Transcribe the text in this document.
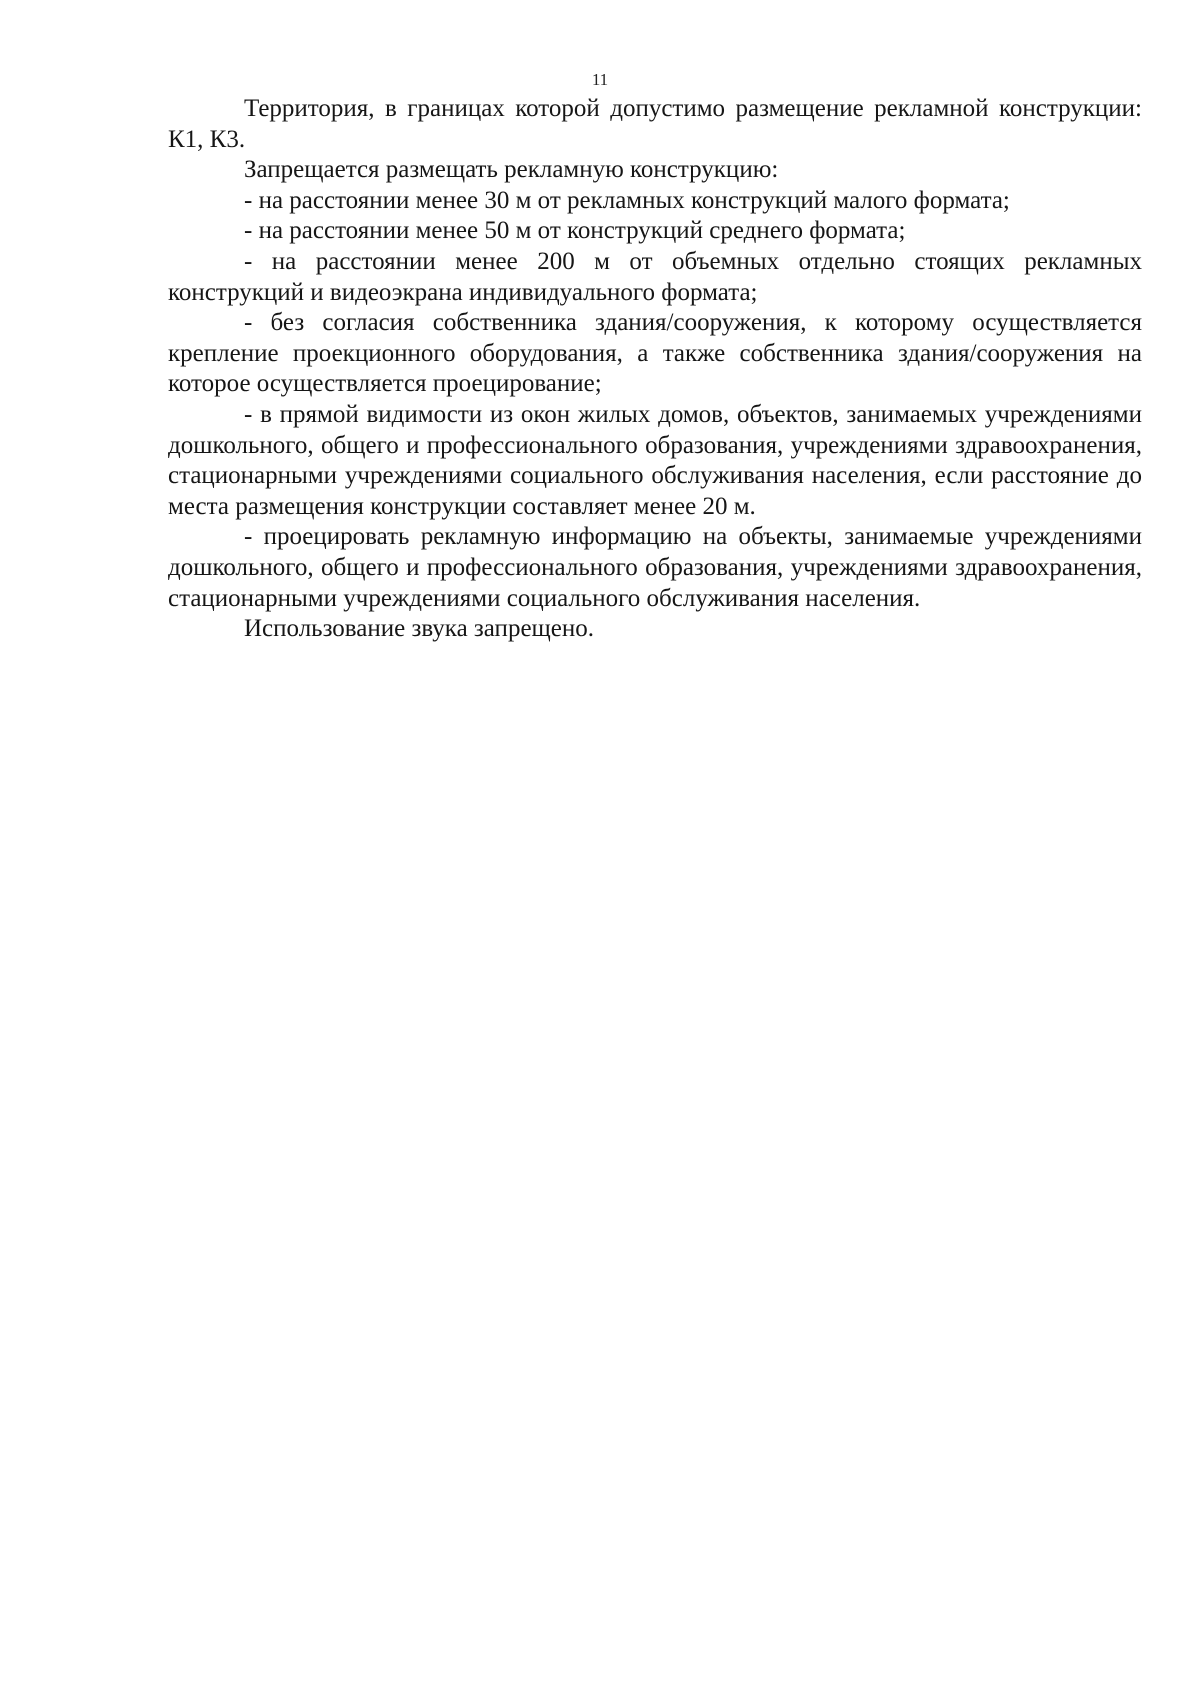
11

Территория, в границах которой допустимо размещение рекламной конструкции: К1, К3.

Запрещается размещать рекламную конструкцию:

- на расстоянии менее 30 м от рекламных конструкций малого формата;

- на расстоянии менее 50 м от конструкций среднего формата;

- на расстоянии менее 200 м от объемных отдельно стоящих рекламных конструкций и видеоэкрана индивидуального формата;

- без согласия собственника здания/сооружения, к которому осуществляется крепление проекционного оборудования, а также собственника здания/сооружения на которое осуществляется проецирование;

- в прямой видимости из окон жилых домов, объектов, занимаемых учреждениями дошкольного, общего и профессионального образования, учреждениями здравоохранения, стационарными учреждениями социального обслуживания населения, если расстояние до места размещения конструкции составляет менее 20 м.

- проецировать рекламную информацию на объекты, занимаемые учреждениями дошкольного, общего и профессионального образования, учреждениями здравоохранения, стационарными учреждениями социального обслуживания населения.

Использование звука запрещено.
